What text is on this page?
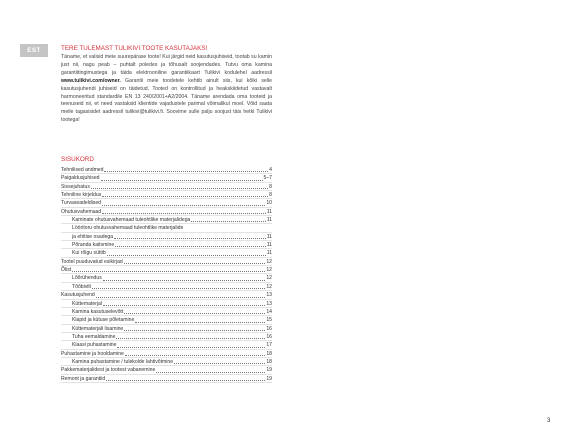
EST	TERE TULEMAST TULIKIVI TOOTE KASUTAJAKS!

Täname, et valisid meie suurepärase toote! Kui järgid neid kasutusjuhiseid, tootab su kamin just nii, nagu peab – puhtalt poledes ja tõhusalt soojendades. Tutvu oma kamina garantiitingimustega ja täida elektrooniline garantiikaart Tulikivi kodulehel aadressil www.tulikivi.com/owner. Garantii meie toodetele kehtib ainult siis, kui kõiki selle kasutusjuhendi juhiseid on täidetud. Tooted on kontrollitud ja heakskiidetud vastavalt harmoneeritud standardile EN 13 240/2001+A2/2004. Täname arendada oma tooteid ja teenuseid nii, et need vastaksid klientide vajadustele parimal võimalikul moel. Võid saata meile tagasisidet aadressil tulikivi@tulikivi.fi. Soovime sulle palju soojust täis hetki Tulikivi tootega!

SISUKORD
Tehnilised andmed	4
Paigaldusjuhised	5–7
Sissejuhatus	8
Tehniline kirjeldus	8
Turvaseadeldised	10
Ohutusvahemaad	11
Kaminate ohutusvahemaad tuleohtlike materjalidega	11
Lööritoru ohutusvahemaad tuleohtlike materjalide
ja ehitise osadega	11
Põranda kaitsmine	11
Kui rõigu süttib	11
Tootel puuduvatud esikirjad	12
Õlist	12
Lõõrühendus	12
Tõõbivilt	12
Kasutusjuhend	13
Küttematerjal	13
Kamina kasutuselevõtt	14
Klapid ja kütuse põletamine	15
Küttematerjali lisamine	16
Tuha eemaldamine	16
Klaasi puhastamine	17
Puhastamine ja hooldamine	18
Kamina puhastamine / tulekolde lahtivõtmine	18
Pakkematerjalidest ja tootest vabanemine	19
Remont ja garantiid	19
3
